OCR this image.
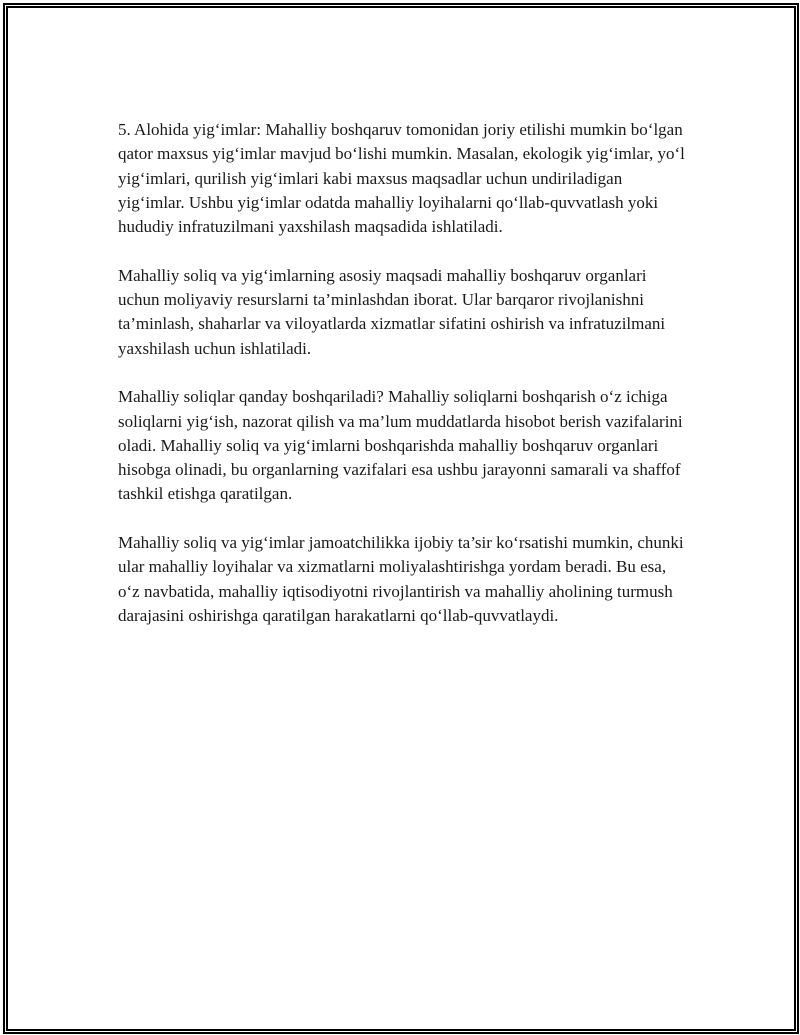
5. Alohida yig‘imlar: Mahalliy boshqaruv tomonidan joriy etilishi mumkin bo‘lgan qator maxsus yig‘imlar mavjud bo‘lishi mumkin. Masalan, ekologik yig‘imlar, yo‘l yig‘imlari, qurilish yig‘imlari kabi maxsus maqsadlar uchun undiriladigan yig‘imlar. Ushbu yig‘imlar odatda mahalliy loyihalarni qo‘llab-quvvatlash yoki hududiy infratuzilmani yaxshilash maqsadida ishlatiladi.

Mahalliy soliq va yig‘imlarning asosiy maqsadi mahalliy boshqaruv organlari uchun moliyaviy resurslarni ta’minlashdan iborat. Ular barqaror rivojlanishni ta’minlash, shaharlar va viloyatlarda xizmatlar sifatini oshirish va infratuzilmani yaxshilash uchun ishlatiladi.

Mahalliy soliqlar qanday boshqariladi? Mahalliy soliqlarni boshqarish o‘z ichiga soliqlarni yig‘ish, nazorat qilish va ma’lum muddatlarda hisobot berish vazifalarini oladi. Mahalliy soliq va yig‘imlarni boshqarishda mahalliy boshqaruv organlari hisobga olinadi, bu organlarning vazifalari esa ushbu jarayonni samarali va shaffof tashkil etishga qaratilgan.

Mahalliy soliq va yig‘imlar jamoatchilikka ijobiy ta’sir ko‘rsatishi mumkin, chunki ular mahalliy loyihalar va xizmatlarni moliyalashtirishga yordam beradi. Bu esa, o‘z navbatida, mahalliy iqtisodiyotni rivojlantirish va mahalliy aholining turmush darajasini oshirishga qaratilgan harakatlarni qo‘llab-quvvatlaydi.
